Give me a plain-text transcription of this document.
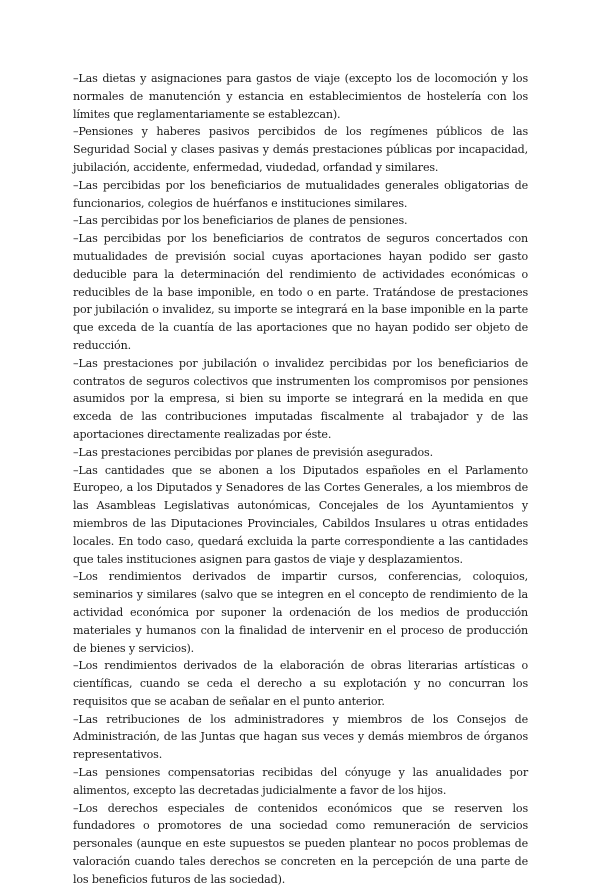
–Las dietas y asignaciones para gastos de viaje (excepto los de locomoción y los normales de manutención y estancia en establecimientos de hostelería con los límites que reglamentariamente se establezcan).

–Pensiones y haberes pasivos percibidos de los regímenes públicos de las Seguridad Social y clases pasivas y demás prestaciones públicas por incapacidad, jubilación, accidente, enfermedad, viudedad, orfandad y similares.

–Las percibidas por los beneficiarios de mutualidades generales obligatorias de funcionarios, colegios de huérfanos e instituciones similares.

–Las percibidas por los beneficiarios de planes de pensiones.

–Las percibidas por los beneficiarios de contratos de seguros concertados con mutualidades de previsión social cuyas aportaciones hayan podido ser gasto deducible para la determinación del rendimiento de actividades económicas o reducibles de la base imponible, en todo o en parte. Tratándose de prestaciones por jubilación o invalidez, su importe se integrará en la base imponible en la parte que exceda de la cuantía de las aportaciones que no hayan podido ser objeto de reducción.

–Las prestaciones por jubilación o invalidez percibidas por los beneficiarios de contratos de seguros colectivos que instrumenten los compromisos por pensiones asumidos por la empresa, si bien su importe se integrará en la medida en que exceda de las contribuciones imputadas fiscalmente al trabajador y de las aportaciones directamente realizadas por éste.

–Las prestaciones percibidas por planes de previsión asegurados.

–Las cantidades que se abonen a los Diputados españoles en el Parlamento Europeo, a los Diputados y Senadores de las Cortes Generales, a los miembros de las Asambleas Legislativas autonómicas, Concejales de los Ayuntamientos y miembros de las Diputaciones Provinciales, Cabildos Insulares u otras entidades locales. En todo caso, quedará excluida la parte correspondiente a las cantidades que tales instituciones asignen para gastos de viaje y desplazamientos.

–Los rendimientos derivados de impartir cursos, conferencias, coloquios, seminarios y similares (salvo que se integren en el concepto de rendimiento de la actividad económica por suponer la ordenación de los medios de producción materiales y humanos con la finalidad de intervenir en el proceso de producción de bienes y servicios).

–Los rendimientos derivados de la elaboración de obras literarias artísticas o científicas, cuando se ceda el derecho a su explotación y no concurran los requisitos que se acaban de señalar en el punto anterior.

–Las retribuciones de los administradores y miembros de los Consejos de Administración, de las Juntas que hagan sus veces y demás miembros de órganos representativos.

–Las pensiones compensatorias recibidas del cónyuge y las anualidades por alimentos, excepto las decretadas judicialmente a favor de los hijos.

–Los derechos especiales de contenidos económicos que se reserven los fundadores o promotores de una sociedad como remuneración de servicios personales (aunque en este supuestos se pueden plantear no pocos problemas de valoración cuando tales derechos se concreten en la percepción de una parte de los beneficios futuros de las sociedad).
